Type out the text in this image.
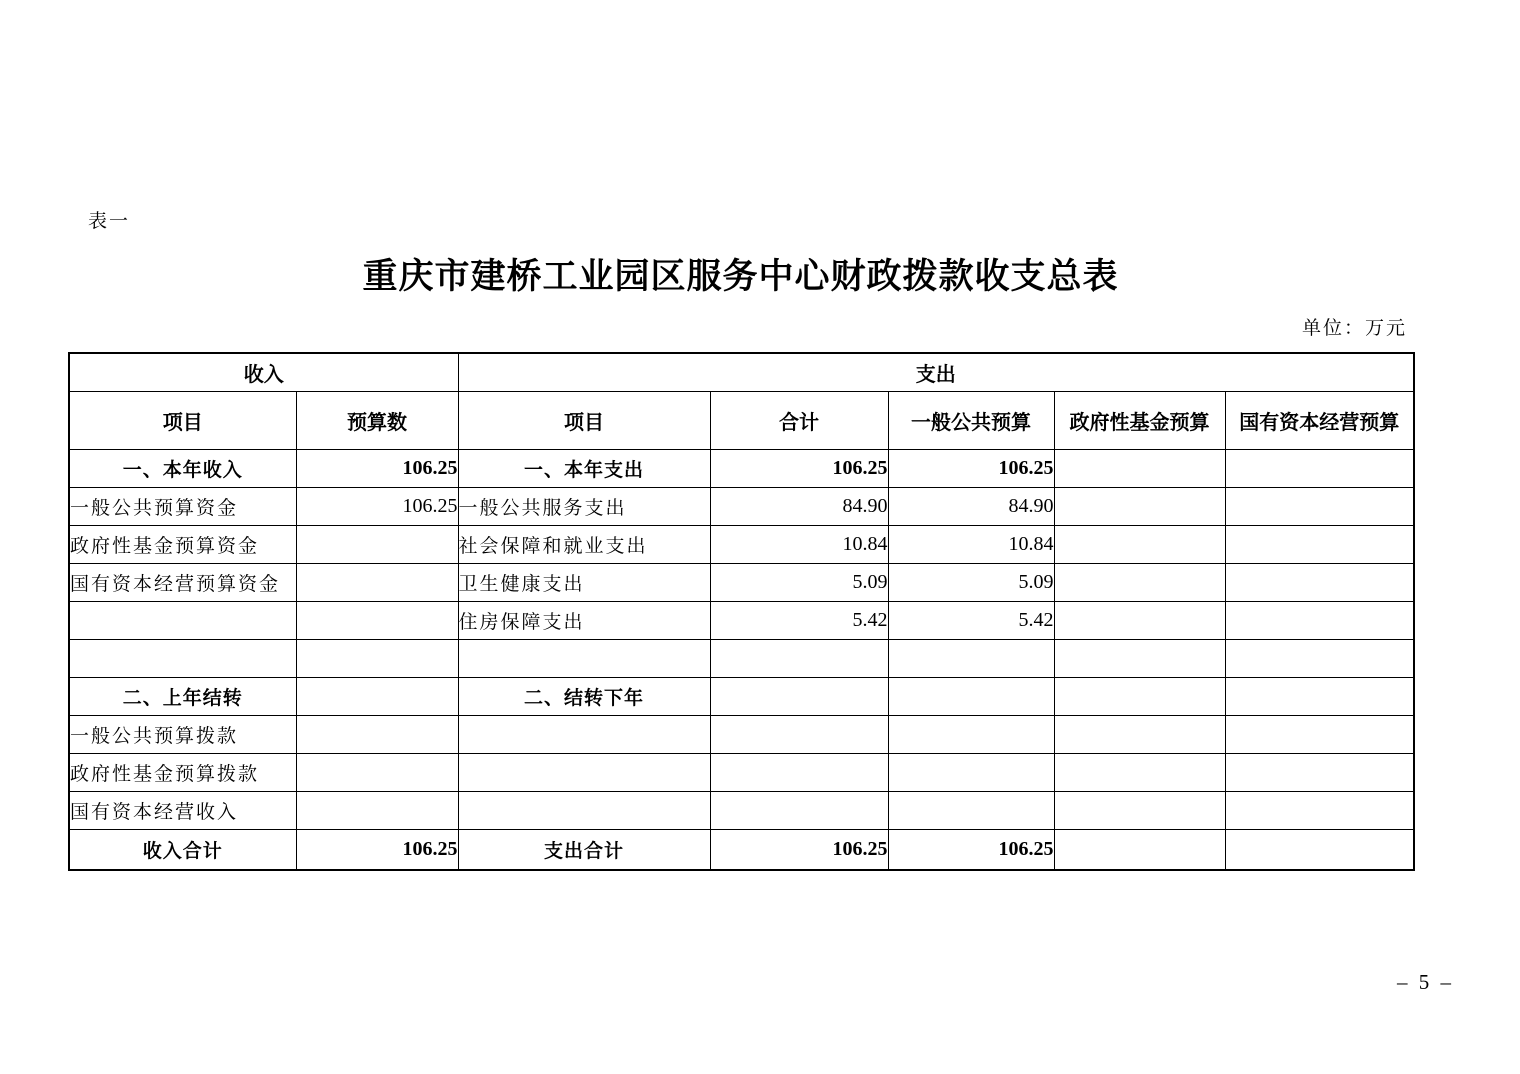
表一
重庆市建桥工业园区服务中心财政拨款收支总表
单位：万元
收入		支出				
项目	预算数	项目	合计	一般公共预算	政府性基金预算	国有资本经营预算
一、本年收入	106.25	一、本年支出	106.25	106.25		
一般公共预算资金	106.25	一般公共服务支出	84.90	84.90		
政府性基金预算资金		社会保障和就业支出	10.84	10.84		
国有资本经营预算资金		卫生健康支出	5.09	5.09		
		住房保障支出	5.42	5.42		

二、上年结转		二、结转下年				
一般公共预算拨款						
政府性基金预算拨款						
国有资本经营收入						
收入合计	106.25	支出合计	106.25	106.25		
– 5 –
